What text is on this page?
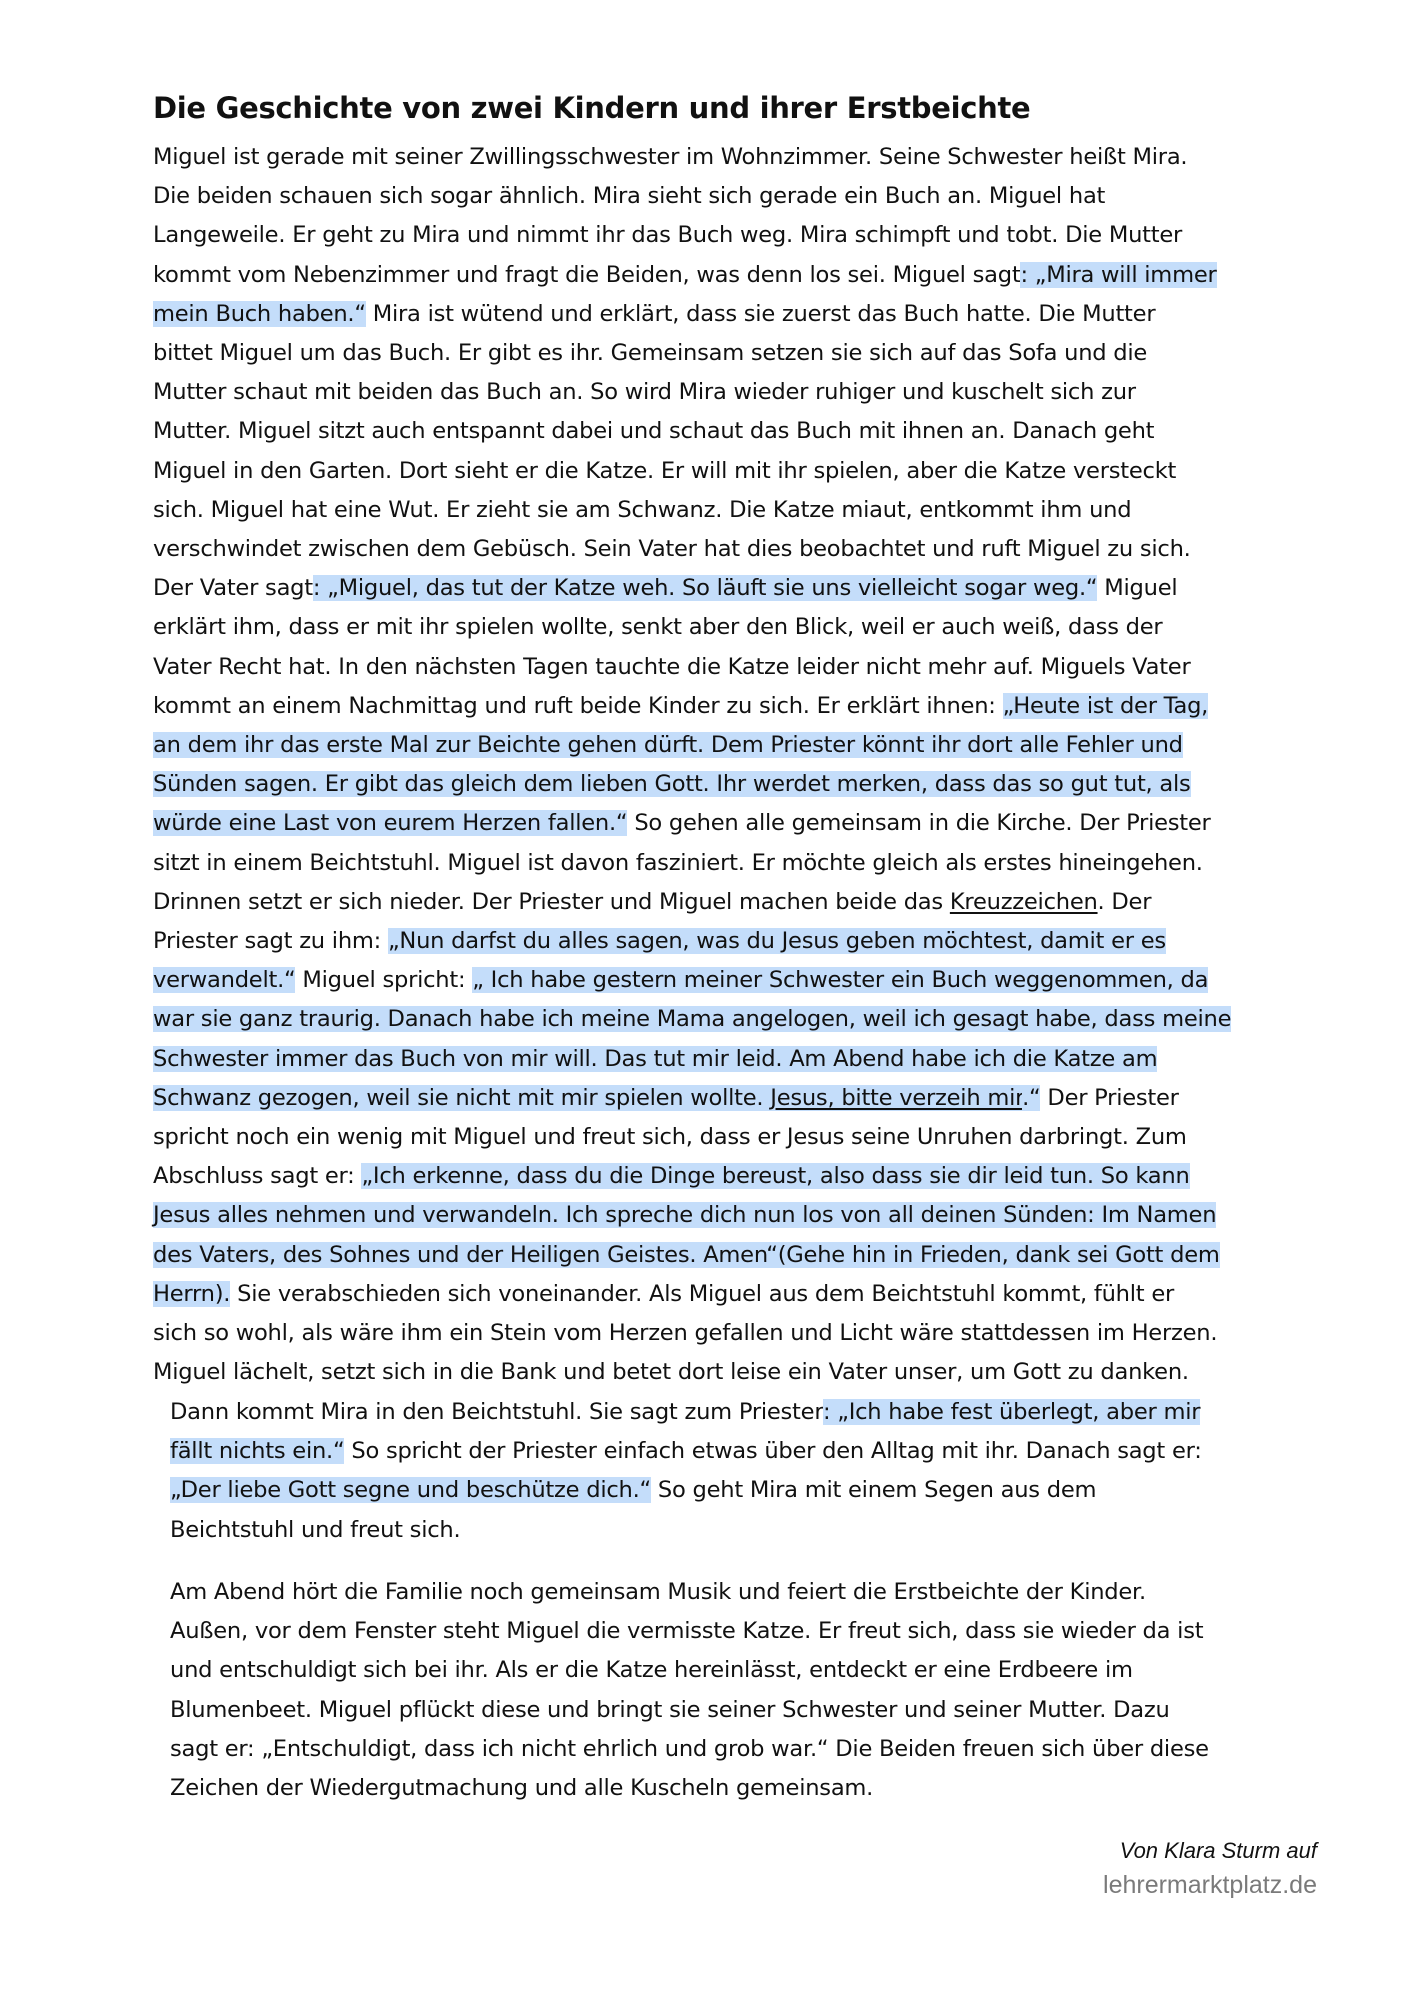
Die Geschichte von zwei Kindern und ihrer Erstbeichte
Miguel ist gerade mit seiner Zwillingsschwester im Wohnzimmer. Seine Schwester heißt Mira.
Die beiden schauen sich sogar ähnlich. Mira sieht sich gerade ein Buch an. Miguel hat
Langeweile. Er geht zu Mira und nimmt ihr das Buch weg. Mira schimpft und tobt. Die Mutter
kommt vom Nebenzimmer und fragt die Beiden, was denn los sei. Miguel sagt: „Mira will immer
mein Buch haben.“ Mira ist wütend und erklärt, dass sie zuerst das Buch hatte. Die Mutter
bittet Miguel um das Buch. Er gibt es ihr. Gemeinsam setzen sie sich auf das Sofa und die
Mutter schaut mit beiden das Buch an. So wird Mira wieder ruhiger und kuschelt sich zur
Mutter. Miguel sitzt auch entspannt dabei und schaut das Buch mit ihnen an. Danach geht
Miguel in den Garten. Dort sieht er die Katze. Er will mit ihr spielen, aber die Katze versteckt
sich. Miguel hat eine Wut. Er zieht sie am Schwanz. Die Katze miaut, entkommt ihm und
verschwindet zwischen dem Gebüsch. Sein Vater hat dies beobachtet und ruft Miguel zu sich.
Der Vater sagt: „Miguel, das tut der Katze weh. So läuft sie uns vielleicht sogar weg.“ Miguel
erklärt ihm, dass er mit ihr spielen wollte, senkt aber den Blick, weil er auch weiß, dass der
Vater Recht hat. In den nächsten Tagen tauchte die Katze leider nicht mehr auf. Miguels Vater
kommt an einem Nachmittag und ruft beide Kinder zu sich. Er erklärt ihnen: „Heute ist der Tag,
an dem ihr das erste Mal zur Beichte gehen dürft. Dem Priester könnt ihr dort alle Fehler und
Sünden sagen. Er gibt das gleich dem lieben Gott. Ihr werdet merken, dass das so gut tut, als
würde eine Last von eurem Herzen fallen.“ So gehen alle gemeinsam in die Kirche. Der Priester
sitzt in einem Beichtstuhl. Miguel ist davon fasziniert. Er möchte gleich als erstes hineingehen.
Drinnen setzt er sich nieder. Der Priester und Miguel machen beide das Kreuzzeichen. Der
Priester sagt zu ihm: „Nun darfst du alles sagen, was du Jesus geben möchtest, damit er es
verwandelt.“ Miguel spricht: „ Ich habe gestern meiner Schwester ein Buch weggenommen, da
war sie ganz traurig. Danach habe ich meine Mama angelogen, weil ich gesagt habe, dass meine
Schwester immer das Buch von mir will. Das tut mir leid. Am Abend habe ich die Katze am
Schwanz gezogen, weil sie nicht mit mir spielen wollte. Jesus, bitte verzeih mir.“ Der Priester
spricht noch ein wenig mit Miguel und freut sich, dass er Jesus seine Unruhen darbringt. Zum
Abschluss sagt er: „Ich erkenne, dass du die Dinge bereust, also dass sie dir leid tun. So kann
Jesus alles nehmen und verwandeln. Ich spreche dich nun los von all deinen Sünden: Im Namen
des Vaters, des Sohnes und der Heiligen Geistes. Amen“(Gehe hin in Frieden, dank sei Gott dem
Herrn). Sie verabschieden sich voneinander. Als Miguel aus dem Beichtstuhl kommt, fühlt er
sich so wohl, als wäre ihm ein Stein vom Herzen gefallen und Licht wäre stattdessen im Herzen.
Miguel lächelt, setzt sich in die Bank und betet dort leise ein Vater unser, um Gott zu danken.
Dann kommt Mira in den Beichtstuhl. Sie sagt zum Priester: „Ich habe fest überlegt, aber mir
fällt nichts ein.“ So spricht der Priester einfach etwas über den Alltag mit ihr. Danach sagt er:
„Der liebe Gott segne und beschütze dich.“ So geht Mira mit einem Segen aus dem
Beichtstuhl und freut sich.
Am Abend hört die Familie noch gemeinsam Musik und feiert die Erstbeichte der Kinder.
Außen, vor dem Fenster steht Miguel die vermisste Katze. Er freut sich, dass sie wieder da ist
und entschuldigt sich bei ihr. Als er die Katze hereinlässt, entdeckt er eine Erdbeere im
Blumenbeet. Miguel pflückt diese und bringt sie seiner Schwester und seiner Mutter. Dazu
sagt er: „Entschuldigt, dass ich nicht ehrlich und grob war.“ Die Beiden freuen sich über diese
Zeichen der Wiedergutmachung und alle Kuscheln gemeinsam.
Von Klara Sturm auf
lehrermarktplatz.de
